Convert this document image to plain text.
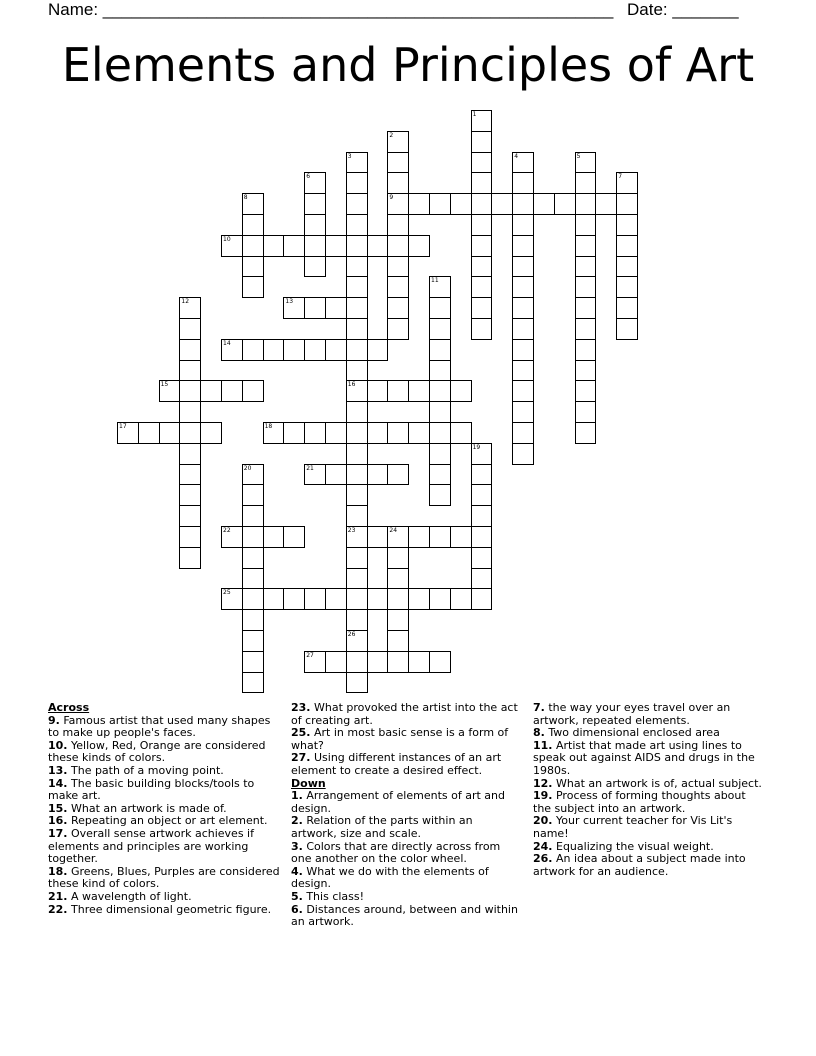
Name: ______________________________________________________ Date: _______
Elements and Principles of Art
1
2
9
3
16
23
26
4	5
6	7
8
10
11
12	13
14
15
17	18
19
20	21
22	24
25
27
Across
9. Famous artist that used many shapes to make up people's faces.
10. Yellow, Red, Orange are considered these kinds of colors.
13. The path of a moving point.
14. The basic building blocks/tools to make art.
15. What an artwork is made of.
16. Repeating an object or art element.
17. Overall sense artwork achieves if elements and principles are working together.
18. Greens, Blues, Purples are considered these kind of colors.
21. A wavelength of light.
22. Three dimensional geometric figure.
23. What provoked the artist into the act of creating art.
25. Art in most basic sense is a form of what?
27. Using different instances of an art element to create a desired effect.
Down
1. Arrangement of elements of art and design.
2. Relation of the parts within an artwork, size and scale.
3. Colors that are directly across from one another on the color wheel.
4. What we do with the elements of design.
5. This class!
6. Distances around, between and within an artwork.
7. the way your eyes travel over an artwork, repeated elements.
8. Two dimensional enclosed area
11. Artist that made art using lines to speak out against AIDS and drugs in the 1980s.
12. What an artwork is of, actual subject.
19. Process of forming thoughts about the subject into an artwork.
20. Your current teacher for Vis Lit's name!
24. Equalizing the visual weight.
26. An idea about a subject made into artwork for an audience.
